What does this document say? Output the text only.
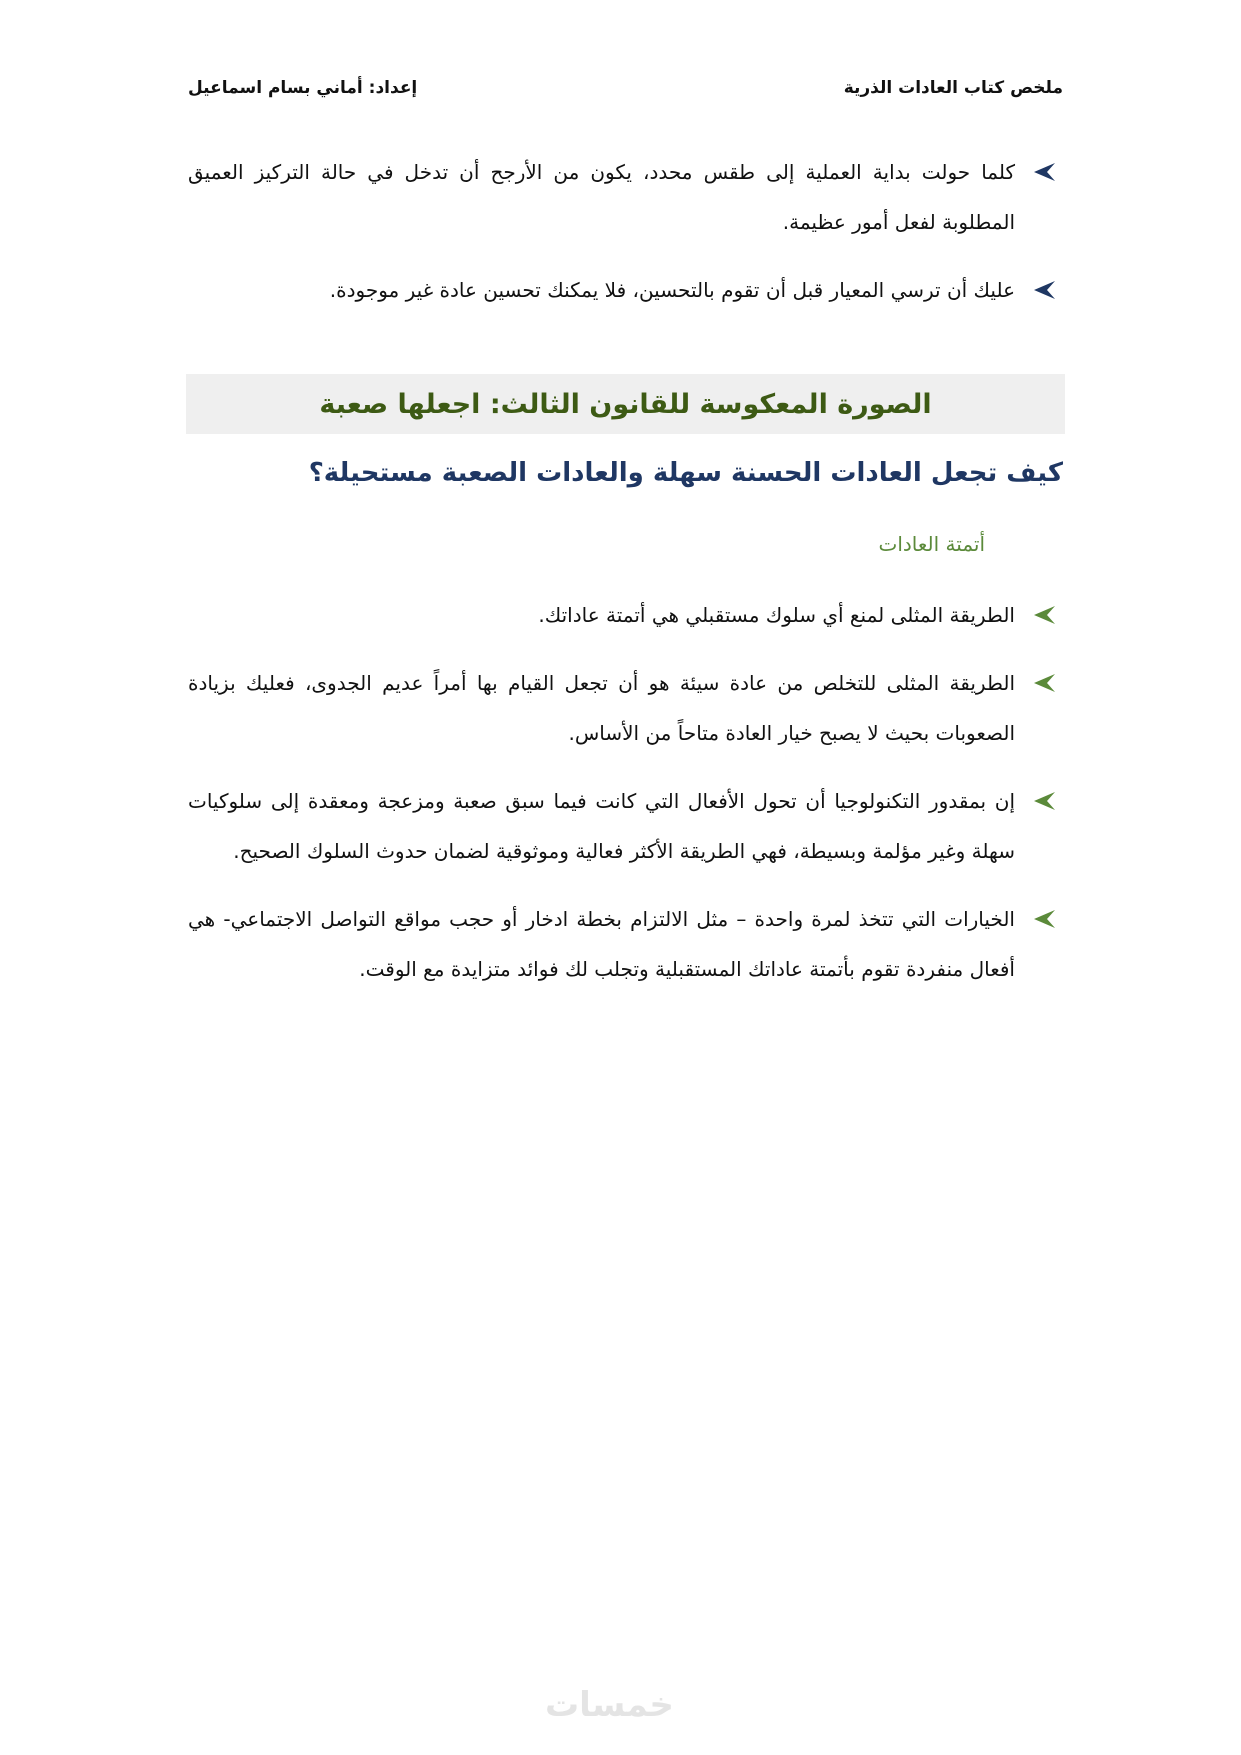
ملخص كتاب العادات الذرية
إعداد: أماني بسام اسماعيل
كلما حولت بداية العملية إلى طقس محدد، يكون من الأرجح أن تدخل في حالة التركيز العميق المطلوبة لفعل أمور عظيمة.
عليك أن ترسي المعيار قبل أن تقوم بالتحسين، فلا يمكنك تحسين عادة غير موجودة.
الصورة المعكوسة للقانون الثالث: اجعلها صعبة
كيف تجعل العادات الحسنة سهلة والعادات الصعبة مستحيلة؟
أتمتة العادات
الطريقة المثلى لمنع أي سلوك مستقبلي هي أتمتة عاداتك.
الطريقة المثلى للتخلص من عادة سيئة هو أن تجعل القيام بها أمراً عديم الجدوى، فعليك بزيادة الصعوبات بحيث لا يصبح خيار العادة متاحاً من الأساس.
إن بمقدور التكنولوجيا أن تحول الأفعال التي كانت فيما سبق صعبة ومزعجة ومعقدة إلى سلوكيات سهلة وغير مؤلمة وبسيطة، فهي الطريقة الأكثر فعالية وموثوقية لضمان حدوث السلوك الصحيح.
الخيارات التي تتخذ لمرة واحدة – مثل الالتزام بخطة ادخار أو حجب مواقع التواصل الاجتماعي- هي أفعال منفردة تقوم بأتمتة عاداتك المستقبلية وتجلب لك فوائد متزايدة مع الوقت.
خمسات
